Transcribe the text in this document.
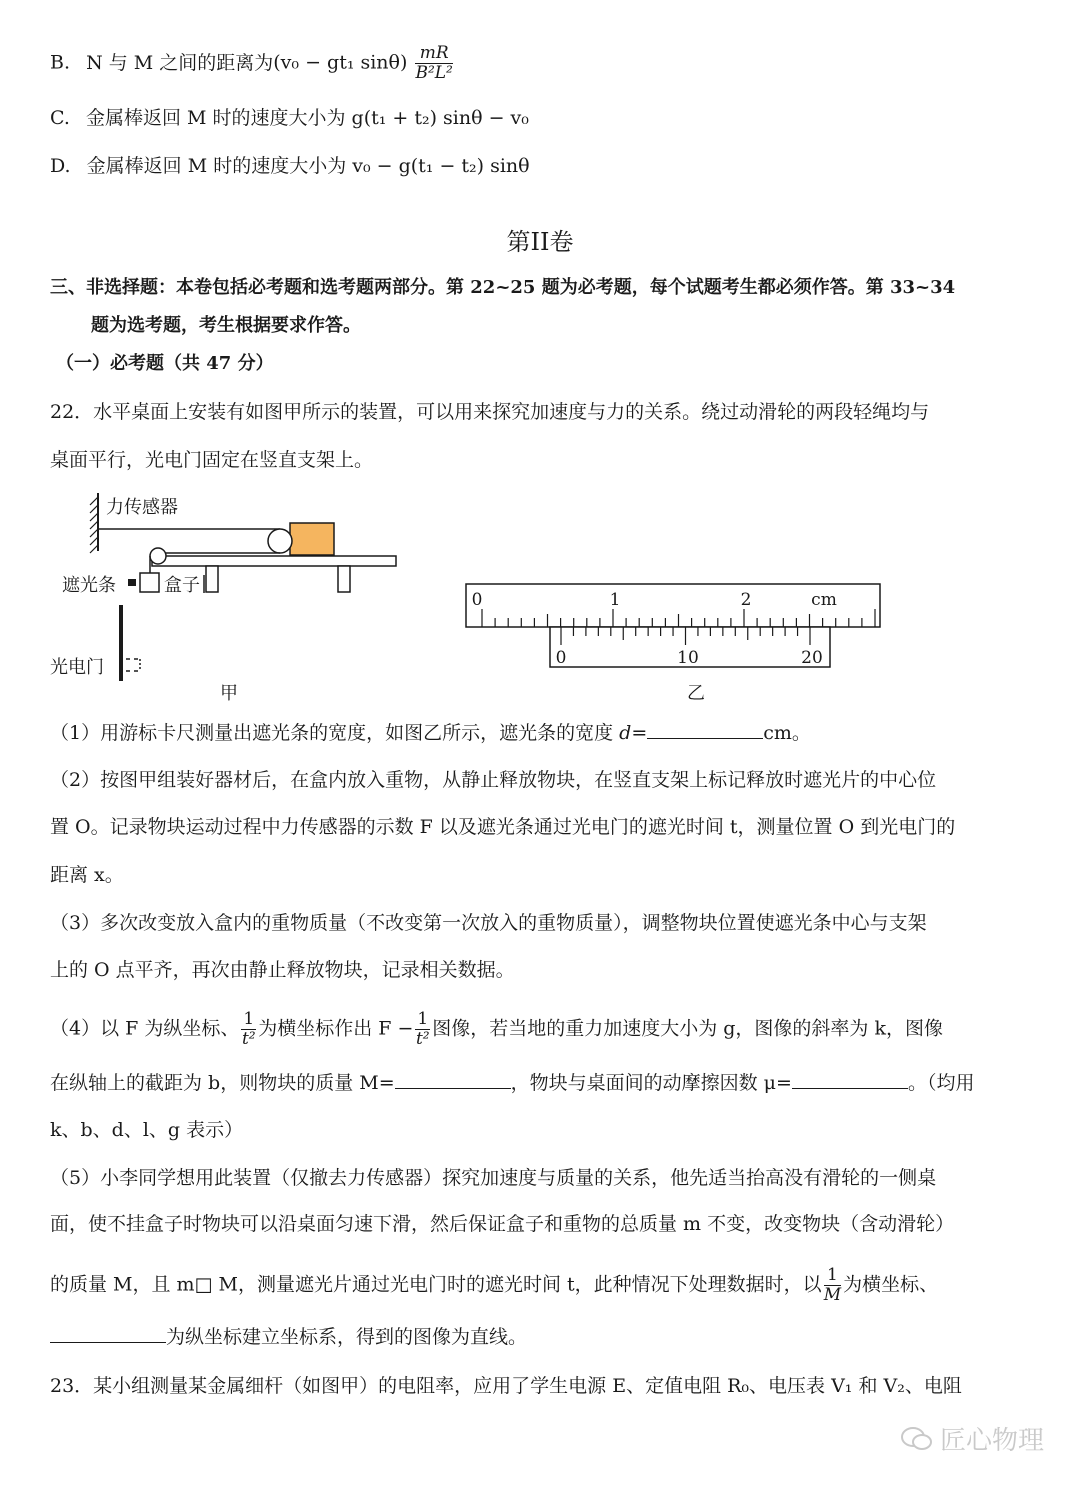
B. N 与 M 之间的距离为(v₀ − gt₁ $\sin\theta) \frac{mR}{\text{B²L²}}$
C. 金属棒返回 M 时的速度大小为 g(t₁ + t₂) sinθ − v₀
D. 金属棒返回 M 时的速度大小为 v₀ − g(t₁ − t₂) sinθ
第II卷
三、非选择题：本卷包括必考题和选考题两部分。第 22~25 题为必考题，每个试题考生都必须作答。第 33~34
题为选考题，考生根据要求作答。
（一）必考题（共 47 分）
22．水平桌面上安装有如图甲所示的装置，可以用来探究加速度与力的关系。绕过动滑轮的两段轻绳均与
桌面平行，光电门固定在竖直支架上。
力传感器
遮光条	盒子
光电门
甲
0	1	2	cm
0	10	20
乙
（1）用游标卡尺测量出遮光条的宽度，如图乙所示，遮光条的宽度 d=	cm。
（2）按图甲组装好器材后，在盒内放入重物，从静止释放物块，在竖直支架上标记释放时遮光片的中心位
置 O。记录物块运动过程中力传感器的示数 F 以及遮光条通过光电门的遮光时间 t，测量位置 O 到光电门的
距离 x。
（3）多次改变放入盒内的重物质量（不改变第一次放入的重物质量），调整物块位置使遮光条中心与支架
上的 O 点平齐，再次由静止释放物块，记录相关数据。
（4）以 F 为纵坐标、 $\frac{1}{\text{t²}}$ 为横坐标作出 $F - \frac{1}{\text{t²}}$ 图像，若当地的重力加速度大小为 g，图像的斜率为 k，图像
在纵轴上的截距为 b，则物块的质量 M=	，物块与桌面间的动摩擦因数 μ=	。（均用
k、b、d、l、g 表示）
（5）小李同学想用此装置（仅撤去力传感器）探究加速度与质量的关系，他先适当抬高没有滑轮的一侧桌
面，使不挂盒子时物块可以沿桌面匀速下滑，然后保证盒子和重物的总质量 m 不变，改变物块（含动滑轮）
的质量 M，且 m□ M，测量遮光片通过光电门时的遮光时间 t，此种情况下处理数据时，以 $\frac{1}{M}$ 为横坐标、
为纵坐标建立坐标系，得到的图像为直线。
23．某小组测量某金属细杆（如图甲）的电阻率，应用了学生电源 E、定值电阻 R₀、电压表 V₁ 和 V₂、电阻
匠心物理
